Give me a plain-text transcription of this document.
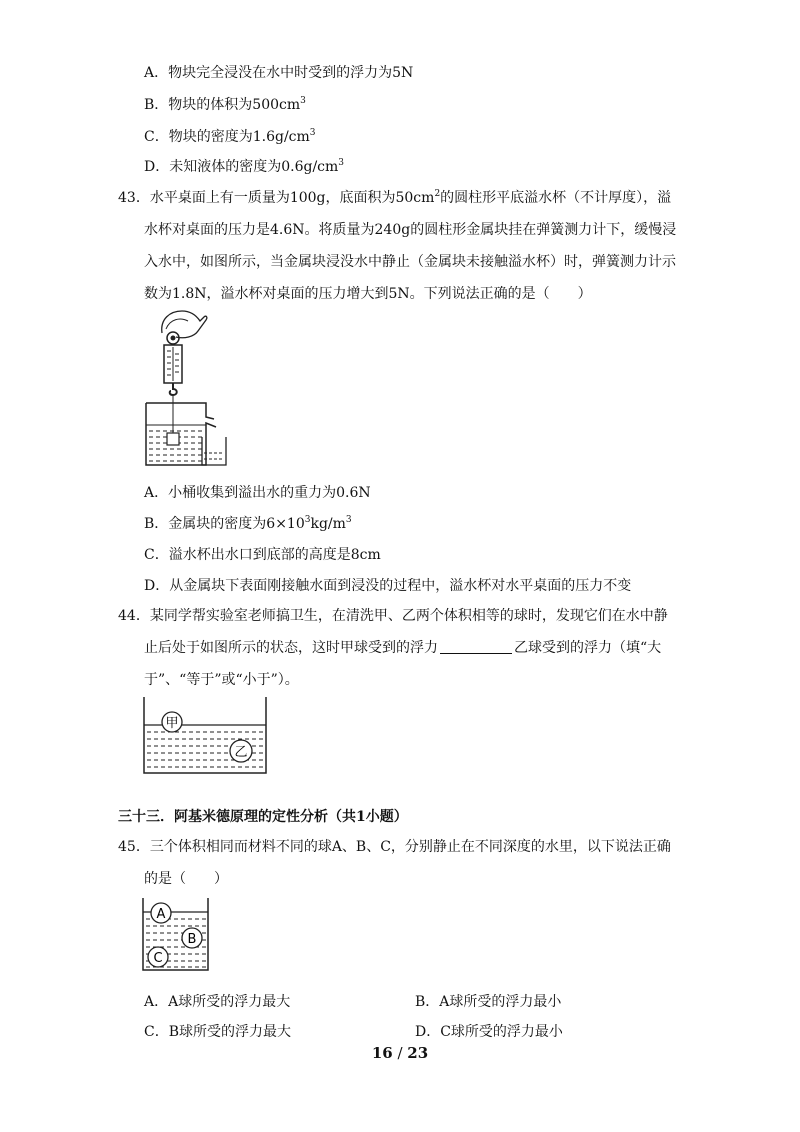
A．物块完全浸没在水中时受到的浮力为5N
B．物块的体积为$500cm^3$
C．物块的密度为$1.6g/cm^3$
D．未知液体的密度为$0.6g/cm^3$
43．水平桌面上有一质量为100g，底面积为$50cm^2$的圆柱形平底溢水杯（不计厚度），溢
水杯对桌面的压力是4.6N。将质量为240g的圆柱形金属块挂在弹簧测力计下，缓慢浸
入水中，如图所示，当金属块浸没水中静止（金属块未接触溢水杯）时，弹簧测力计示
数为1.8N，溢水杯对桌面的压力增大到5N。下列说法正确的是（　　）
A．小桶收集到溢出水的重力为0.6N
B．金属块的密度为$6\times 10^3kg/m^3$
C．溢水杯出水口到底部的高度是8cm
D．从金属块下表面刚接触水面到浸没的过程中，溢水杯对水平桌面的压力不变
44．某同学帮实验室老师搞卫生，在清洗甲、乙两个体积相等的球时，发现它们在水中静
止后处于如图所示的状态，这时甲球受到的浮力	乙球受到的浮力（填“大
于”、“等于”或“小于”）。
甲
乙
三十三．阿基米德原理的定性分析（共1小题）
45．三个体积相同而材料不同的球A、B、C，分别静止在不同深度的水里，以下说法正确
的是（　　）
A
B
C
A．A球所受的浮力最大	B．A球所受的浮力最小
C．B球所受的浮力最大	D．C球所受的浮力最小
16 / 23
